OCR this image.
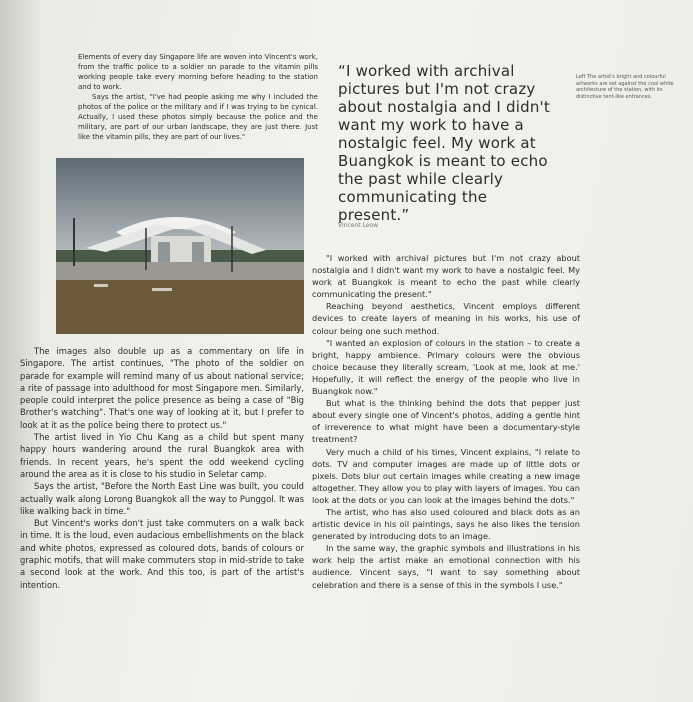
Elements of every day Singapore life are woven into Vincent's work, from the traffic police to a soldier on parade to the vitamin pills working people take every morning before heading to the station and to work.

Says the artist, "I've had people asking me why I included the photos of the police or the military and if I was trying to be cynical. Actually, I used these photos simply because the police and the military, are part of our urban landscape, they are just there. Just like the vitamin pills, they are part of our lives."

The images also double up as a commentary on life in Singapore. The artist continues, "The photo of the soldier on parade for example will remind many of us about national service; a rite of passage into adulthood for most Singapore men. Similarly, people could interpret the police presence as being a case of "Big Brother's watching". That's one way of looking at it, but I prefer to look at it as the police being there to protect us."

The artist lived in Yio Chu Kang as a child but spent many happy hours wandering around the rural Buangkok area with friends. In recent years, he's spent the odd weekend cycling around the area as it is close to his studio in Seletar camp.

Says the artist, "Before the North East Line was built, you could actually walk along Lorong Buangkok all the way to Punggol. It was like walking back in time."

But Vincent's works don't just take commuters on a walk back in time. It is the loud, even audacious embellishments on the black and white photos, expressed as coloured dots, bands of colours or graphic motifs, that will make commuters stop in mid-stride to take a second look at the work. And this too, is part of the artist's intention.

“I worked with archival pictures but I'm not crazy about nostalgia and I didn't want my work to have a nostalgic feel. My work at Buangkok is meant to echo the past while clearly communicating the present.”
Vincent Leow
Left The artist's bright and colourful artworks are set against the cool white architecture of the station, with its distinctive tent-like entrances.

"I worked with archival pictures but I'm not crazy about nostalgia and I didn't want my work to have a nostalgic feel. My work at Buangkok is meant to echo the past while clearly communicating the present."

Reaching beyond aesthetics, Vincent employs different devices to create layers of meaning in his works, his use of colour being one such method.

"I wanted an explosion of colours in the station – to create a bright, happy ambience. Primary colours were the obvious choice because they literally scream, 'Look at me, look at me.' Hopefully, it will reflect the energy of the people who live in Buangkok now."

But what is the thinking behind the dots that pepper just about every single one of Vincent's photos, adding a gentle hint of irreverence to what might have been a documentary-style treatment?

Very much a child of his times, Vincent explains, "I relate to dots. TV and computer images are made up of little dots or pixels. Dots blur out certain images while creating a new image altogether. They allow you to play with layers of images. You can look at the dots or you can look at the images behind the dots."

The artist, who has also used coloured and black dots as an artistic device in his oil paintings, says he also likes the tension generated by introducing dots to an image.

In the same way, the graphic symbols and illustrations in his work help the artist make an emotional connection with his audience. Vincent says, "I want to say something about celebration and there is a sense of this in the symbols I use."
